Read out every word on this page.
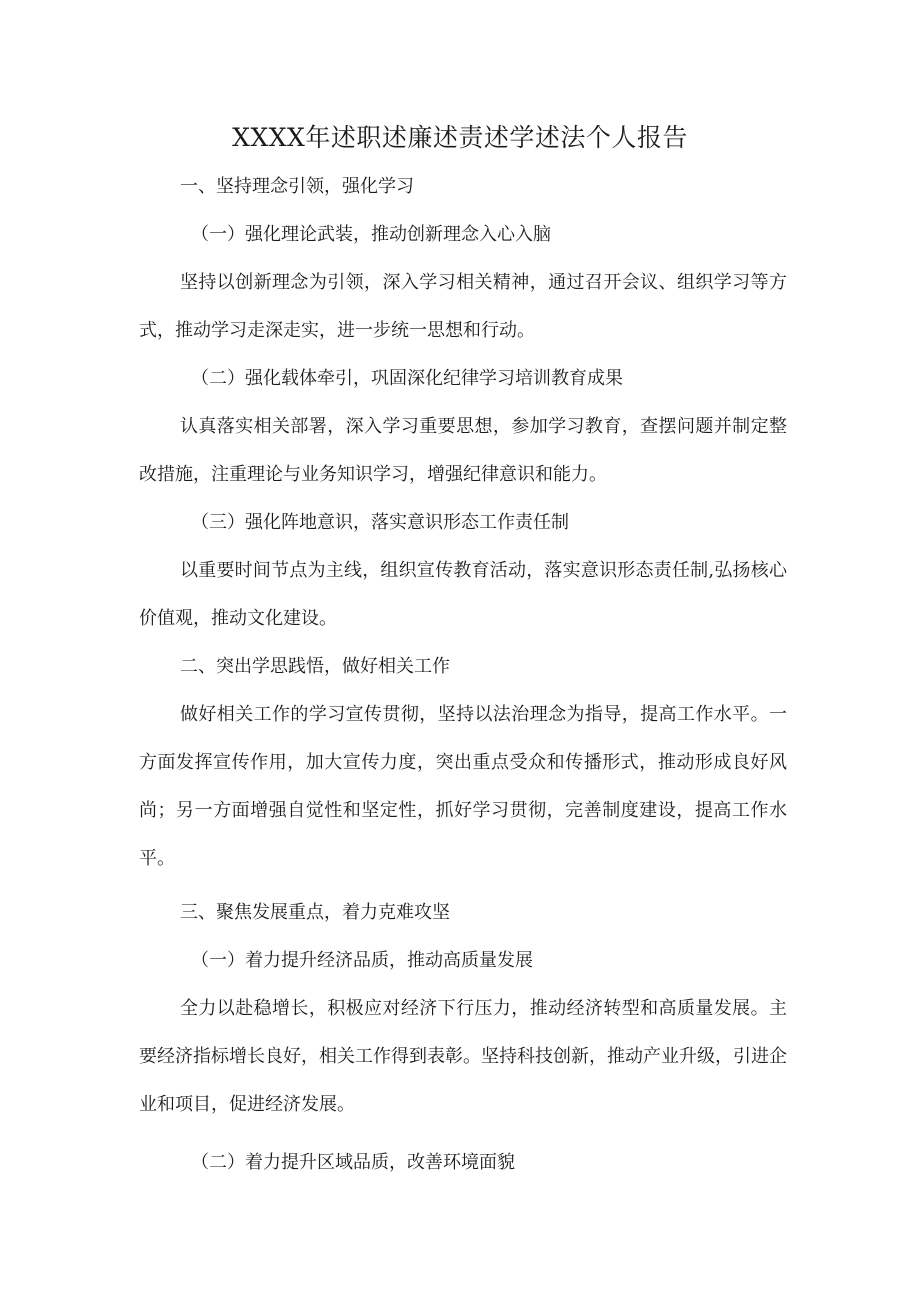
XXXX年述职述廉述责述学述法个人报告

一、坚持理念引领，强化学习

（一）强化理论武装，推动创新理念入心入脑

坚持以创新理念为引领，深入学习相关精神，通过召开会议、组织学习等方式，推动学习走深走实，进一步统一思想和行动。

（二）强化载体牵引，巩固深化纪律学习培训教育成果

认真落实相关部署，深入学习重要思想，参加学习教育，查摆问题并制定整改措施，注重理论与业务知识学习，增强纪律意识和能力。

（三）强化阵地意识，落实意识形态工作责任制

以重要时间节点为主线，组织宣传教育活动，落实意识形态责任制,弘扬核心价值观，推动文化建设。

二、突出学思践悟，做好相关工作

做好相关工作的学习宣传贯彻，坚持以法治理念为指导，提高工作水平。一方面发挥宣传作用，加大宣传力度，突出重点受众和传播形式，推动形成良好风尚；另一方面增强自觉性和坚定性，抓好学习贯彻，完善制度建设，提高工作水平。

三、聚焦发展重点，着力克难攻坚

（一）着力提升经济品质，推动高质量发展

全力以赴稳增长，积极应对经济下行压力，推动经济转型和高质量发展。主要经济指标增长良好，相关工作得到表彰。坚持科技创新，推动产业升级，引进企业和项目，促进经济发展。

（二）着力提升区域品质，改善环境面貌
